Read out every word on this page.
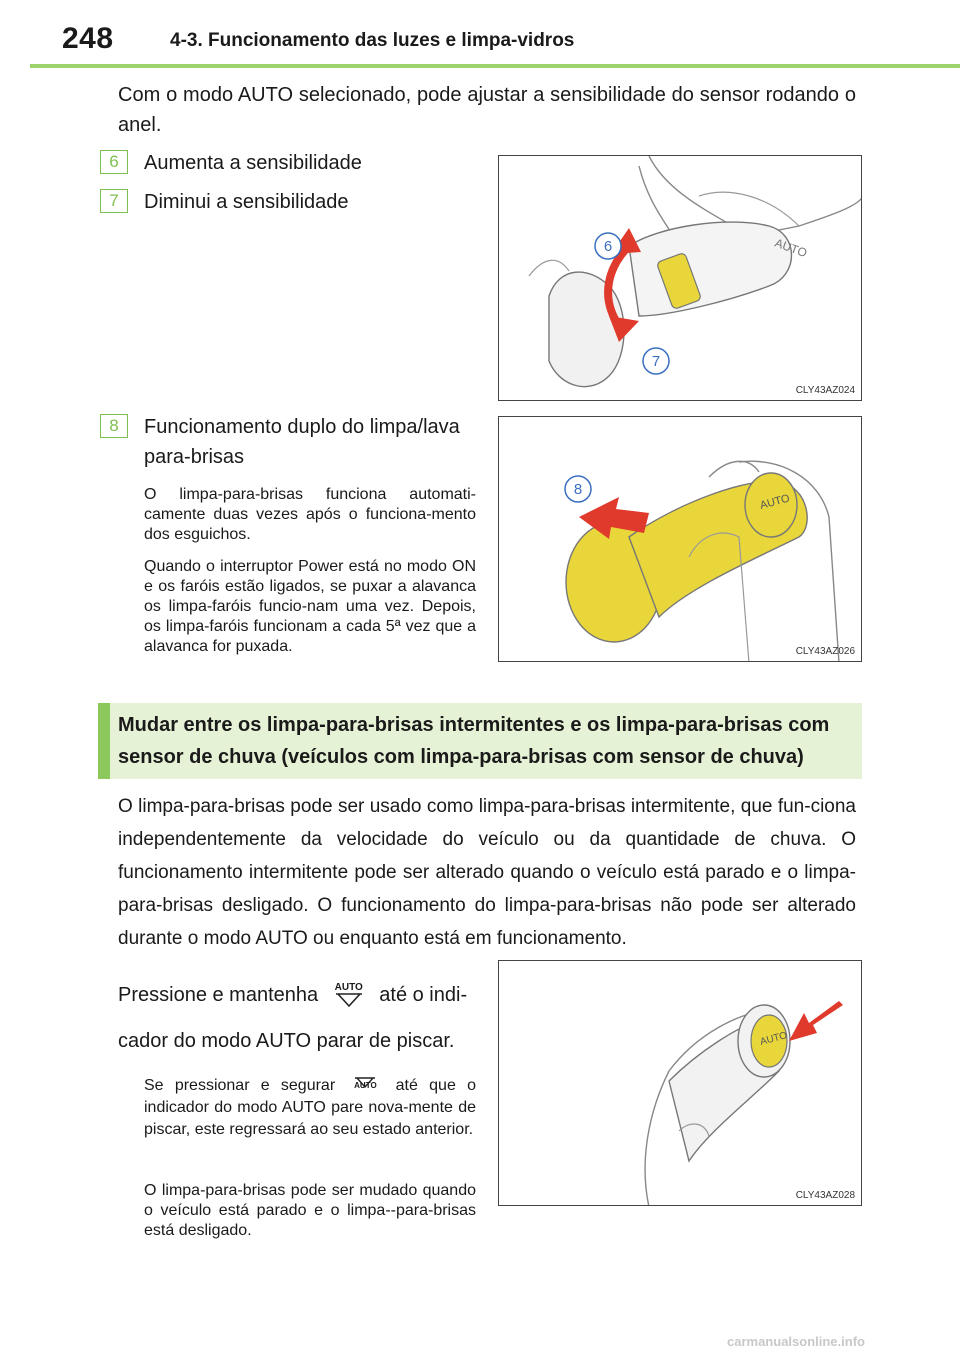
248	4-3. Funcionamento das luzes e limpa-vidros

Com o modo AUTO selecionado, pode ajustar a sensibilidade do sensor rodando o anel.

6	Aumenta a sensibilidade
7	Diminui a sensibilidade
AUTO
6
7
CLY43AZ024
8	Funcionamento duplo do limpa/lava para-brisas

O limpa-para-brisas funciona automati-camente duas vezes após o funciona-mento dos esguichos.

Quando o interruptor Power está no modo ON e os faróis estão ligados, se puxar a alavanca os limpa-faróis funcio-nam uma vez. Depois, os limpa-faróis funcionam a cada 5ª vez que a alavanca for puxada.

AUTO
8
CLY43AZ026
Mudar entre os limpa-para-brisas intermitentes e os limpa-para-brisas com sensor de chuva (veículos com limpa-para-brisas com sensor de chuva)

O limpa-para-brisas pode ser usado como limpa-para-brisas intermitente, que fun-ciona independentemente da velocidade do veículo ou da quantidade de chuva. O funcionamento intermitente pode ser alterado quando o veículo está parado e o limpa-para-brisas desligado. O funcionamento do limpa-para-brisas não pode ser alterado durante o modo AUTO ou enquanto está em funcionamento.

Pressione e mantenha	AUTO até o indi-cador do modo AUTO parar de piscar.

Se pressionar e segurar	AUTO	até que o indicador do modo AUTO pare nova-mente de piscar, este regressará ao seu estado anterior.

O limpa-para-brisas pode ser mudado quando o veículo está parado e o limpa--para-brisas está desligado.

AUTO
CLY43AZ028
carmanualsonline.info
